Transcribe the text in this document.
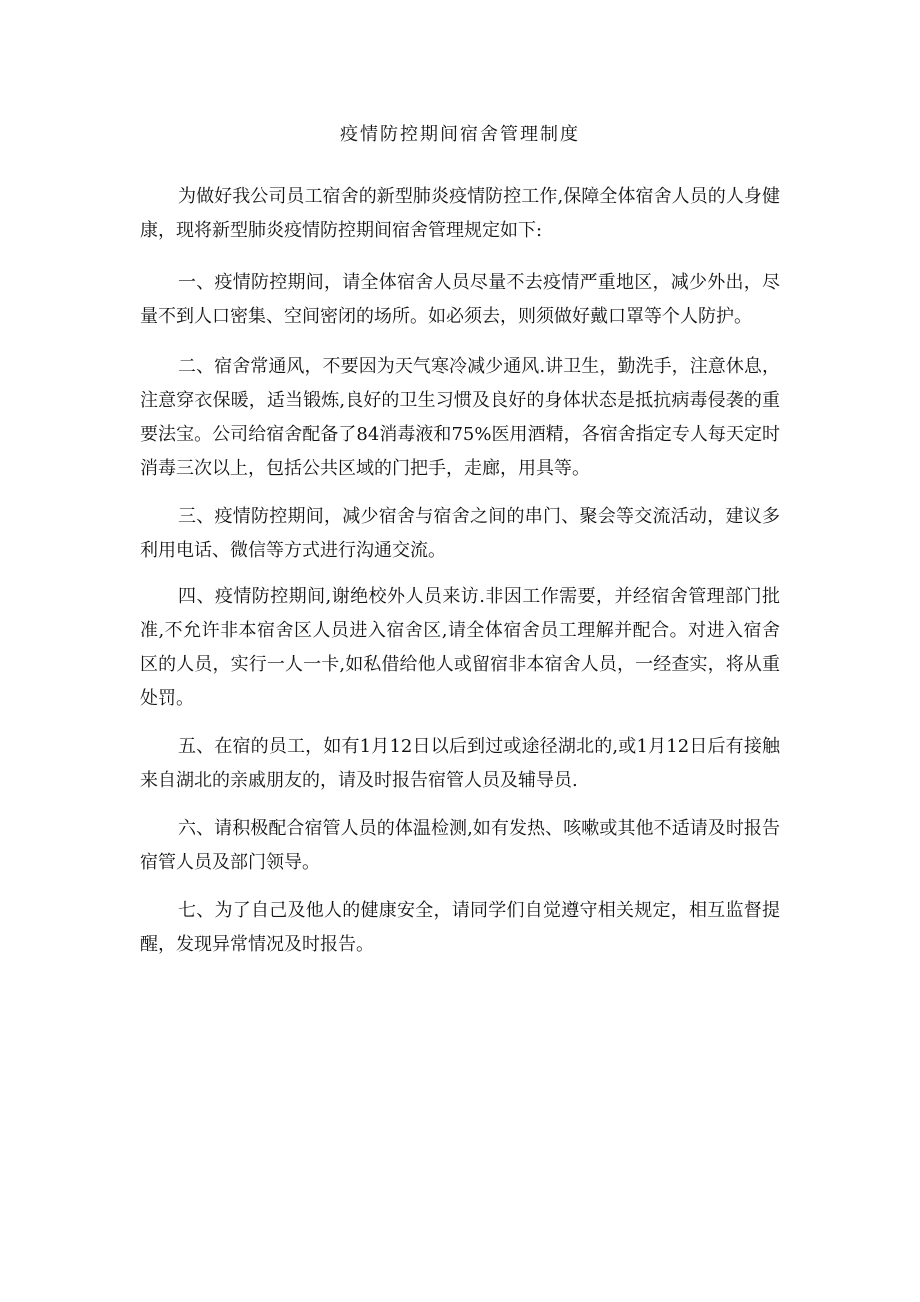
疫情防控期间宿舍管理制度

为做好我公司员工宿舍的新型肺炎疫情防控工作,保障全体宿舍人员的人身健康，现将新型肺炎疫情防控期间宿舍管理规定如下:

一、疫情防控期间，请全体宿舍人员尽量不去疫情严重地区，减少外出，尽量不到人口密集、空间密闭的场所。如必须去，则须做好戴口罩等个人防护。

二、宿舍常通风，不要因为天气寒冷减少通风.讲卫生，勤洗手，注意休息，注意穿衣保暖，适当锻炼,良好的卫生习惯及良好的身体状态是抵抗病毒侵袭的重要法宝。公司给宿舍配备了84消毒液和75%医用酒精，各宿舍指定专人每天定时消毒三次以上，包括公共区域的门把手，走廊，用具等。

三、疫情防控期间，减少宿舍与宿舍之间的串门、聚会等交流活动，建议多利用电话、微信等方式进行沟通交流。

四、疫情防控期间,谢绝校外人员来访.非因工作需要，并经宿舍管理部门批准,不允许非本宿舍区人员进入宿舍区,请全体宿舍员工理解并配合。对进入宿舍区的人员，实行一人一卡,如私借给他人或留宿非本宿舍人员，一经查实，将从重处罚。

五、在宿的员工，如有1月12日以后到过或途径湖北的,或1月12日后有接触来自湖北的亲戚朋友的，请及时报告宿管人员及辅导员.

六、请积极配合宿管人员的体温检测,如有发热、咳嗽或其他不适请及时报告宿管人员及部门领导。

七、为了自己及他人的健康安全，请同学们自觉遵守相关规定，相互监督提醒，发现异常情况及时报告。
